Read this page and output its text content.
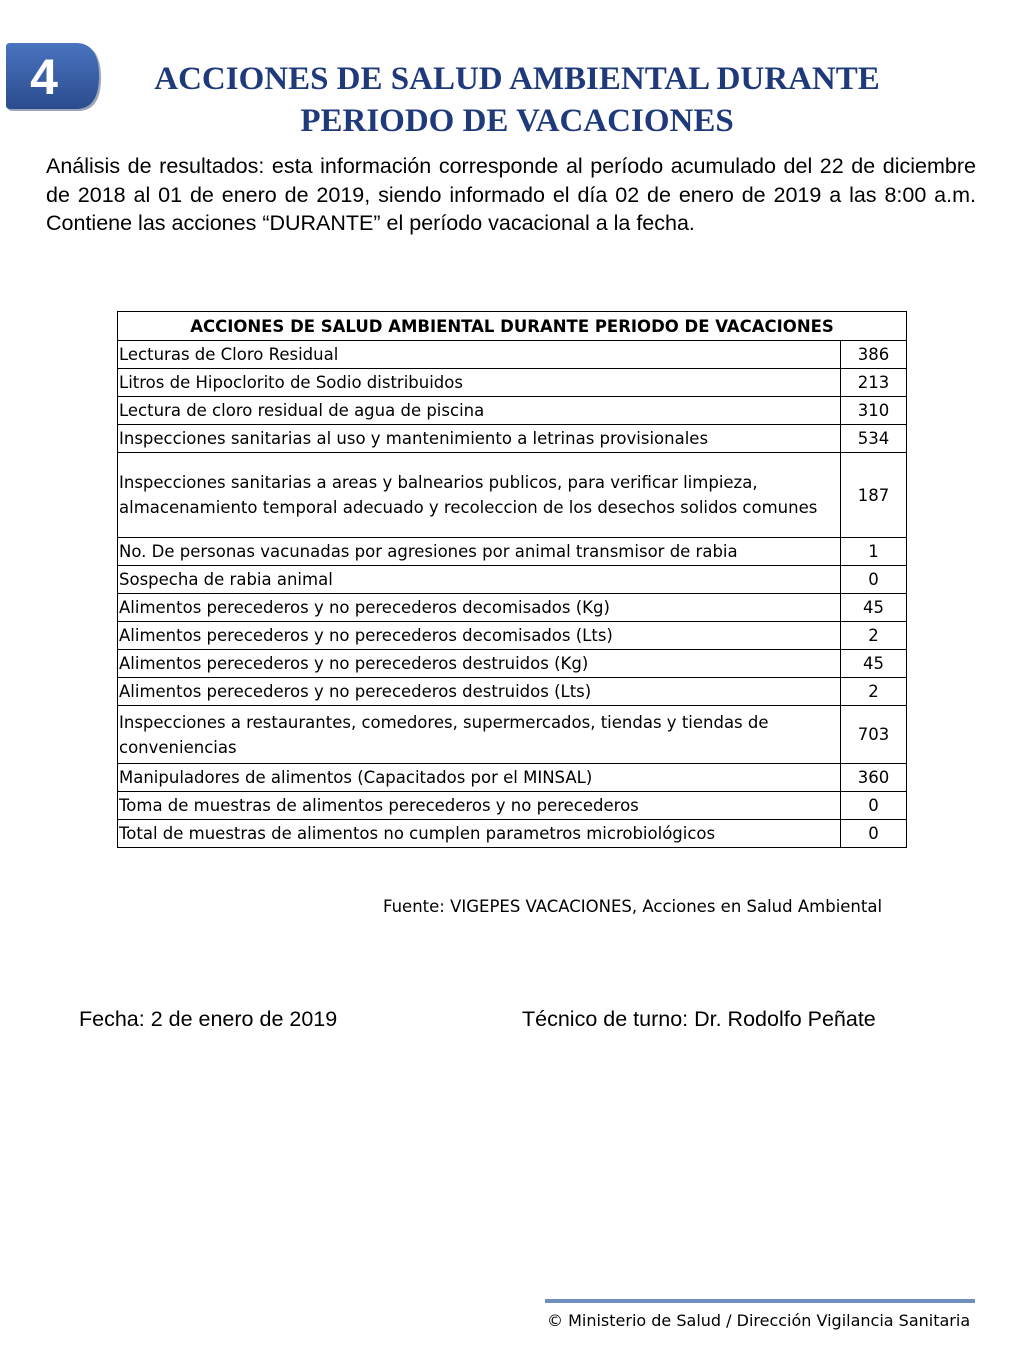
4	ACCIONES DE SALUD AMBIENTAL DURANTE
PERIODO DE VACACIONES

Análisis de resultados: esta información corresponde al período acumulado del 22 de diciembre de 2018 al 01 de enero de 2019, siendo informado el día 02 de enero de 2019 a las 8:00 a.m. Contiene las acciones “DURANTE” el período vacacional a la fecha.

ACCIONES DE SALUD AMBIENTAL DURANTE PERIODO DE VACACIONES	
Lecturas de Cloro Residual	386
Litros de Hipoclorito de Sodio distribuidos	213
Lectura de cloro residual de agua de piscina	310
Inspecciones sanitarias al uso y mantenimiento a letrinas provisionales	534
Inspecciones sanitarias a areas y balnearios publicos, para verificar limpieza, almacenamiento temporal adecuado y recoleccion de los desechos solidos comunes	187
No. De personas vacunadas por agresiones por animal transmisor de rabia	1
Sospecha de rabia animal	0
Alimentos perecederos y no perecederos decomisados (Kg)	45
Alimentos perecederos y no perecederos decomisados (Lts)	2
Alimentos perecederos y no perecederos destruidos (Kg)	45
Alimentos perecederos y no perecederos destruidos (Lts)	2
Inspecciones a restaurantes, comedores, supermercados, tiendas y tiendas de conveniencias	703
Manipuladores de alimentos (Capacitados por el MINSAL)	360
Toma de muestras de alimentos perecederos y no perecederos	0
Total de muestras de alimentos no cumplen parametros microbiológicos	0
Fuente: VIGEPES VACACIONES, Acciones en Salud Ambiental
Fecha: 2 de enero de 2019	Técnico de turno: Dr. Rodolfo Peñate
© Ministerio de Salud / Dirección Vigilancia Sanitaria
